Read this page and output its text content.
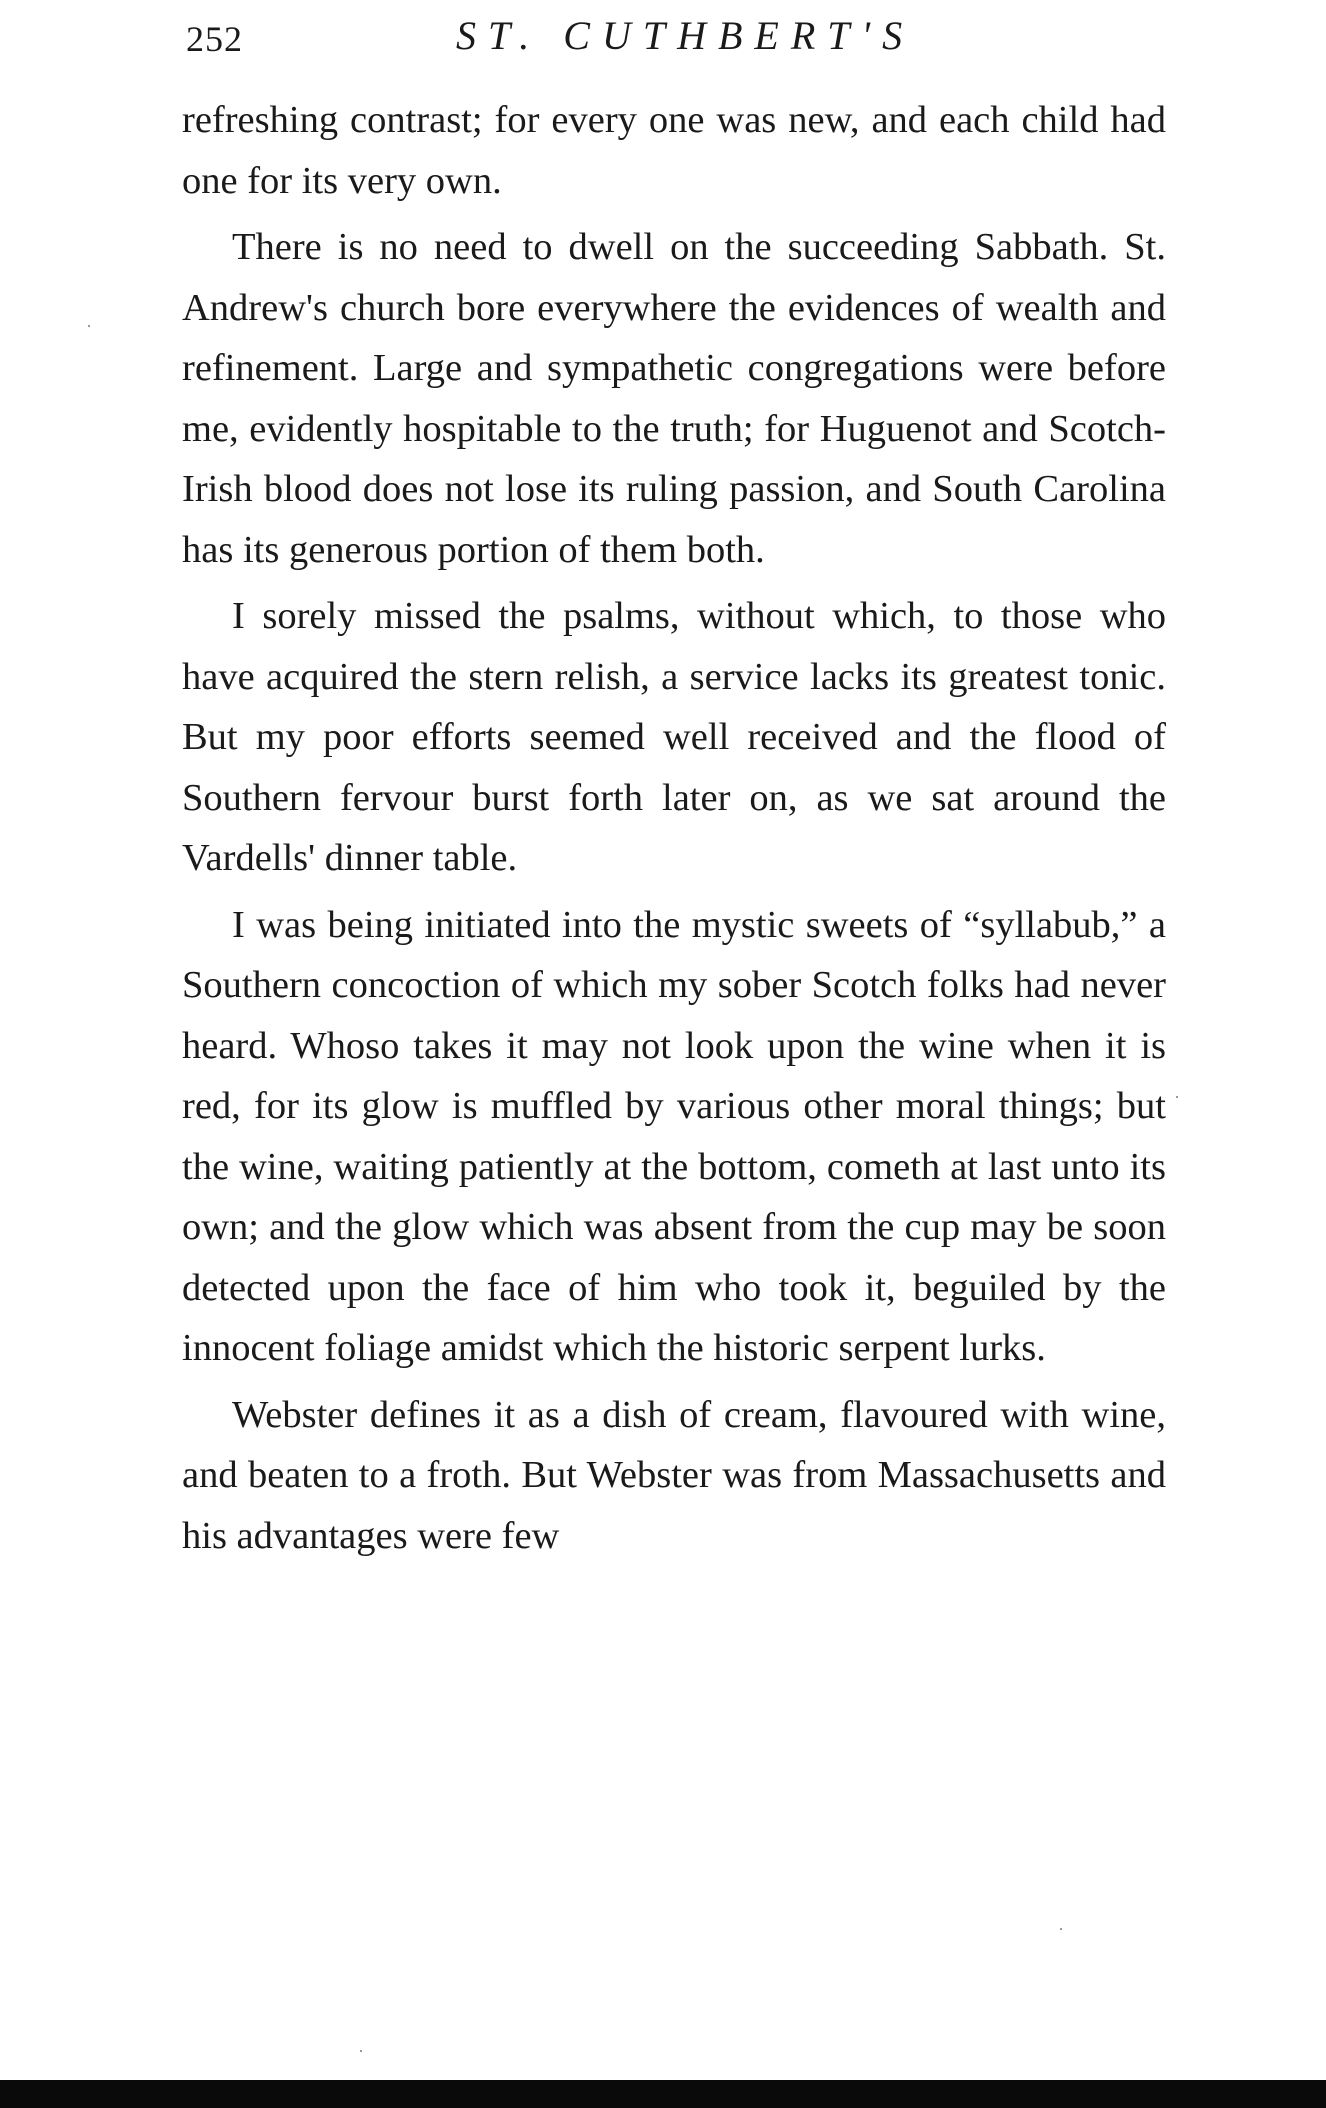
252	ST. CUTHBERT'S

refreshing contrast; for every one was new, and each child had one for its very own.

There is no need to dwell on the succeeding Sabbath. St. Andrew's church bore everywhere the evidences of wealth and refinement. Large and sympathetic congregations were before me, evidently hospitable to the truth; for Huguenot and Scotch-Irish blood does not lose its ruling passion, and South Carolina has its generous portion of them both.

I sorely missed the psalms, without which, to those who have acquired the stern relish, a service lacks its greatest tonic. But my poor efforts seemed well received and the flood of Southern fervour burst forth later on, as we sat around the Vardells' dinner table.

I was being initiated into the mystic sweets of “syllabub,” a Southern concoction of which my sober Scotch folks had never heard. Whoso takes it may not look upon the wine when it is red, for its glow is muffled by various other moral things; but the wine, waiting patiently at the bottom, cometh at last unto its own; and the glow which was absent from the cup may be soon detected upon the face of him who took it, beguiled by the innocent foliage amidst which the historic serpent lurks.

Webster defines it as a dish of cream, flavoured with wine, and beaten to a froth. But Webster was from Massachusetts and his advantages were few
